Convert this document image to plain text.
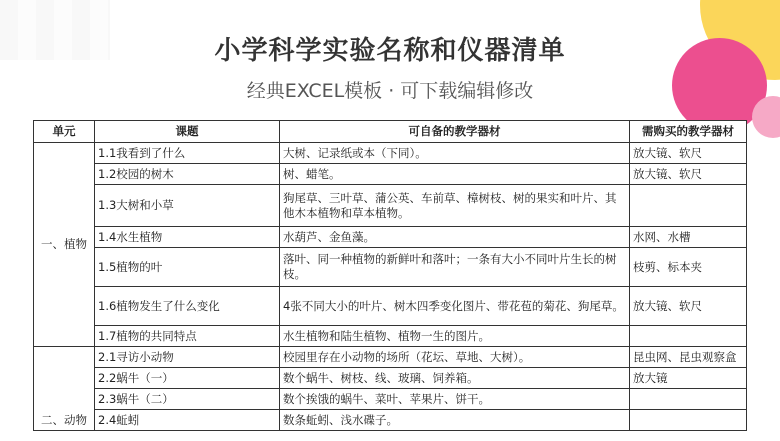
小学科学实验名称和仪器清单
经典EXCEL模板 · 可下载编辑修改
单元	课题	可自备的教学器材	需购买的教学器材
一、植物	1.1我看到了什么	大树、记录纸或本（下同）。	放大镜、软尺
	1.2校园的树木	树、蜡笔。	放大镜、软尺
	1.3大树和小草	狗尾草、三叶草、蒲公英、车前草、樟树枝、树的果实和叶片、其他木本植物和草本植物。	
	1.4水生植物	水葫芦、金鱼藻。	水网、水槽
	1.5植物的叶	落叶、同一种植物的新鲜叶和落叶；一条有大小不同叶片生长的树枝。	枝剪、标本夹
	1.6植物发生了什么变化	4张不同大小的叶片、树木四季变化图片、带花苞的菊花、狗尾草。	放大镜、软尺
	1.7植物的共同特点	水生植物和陆生植物、植物一生的图片。	
二、动物	2.1寻访小动物	校园里存在小动物的场所（花坛、草地、大树）。	昆虫网、昆虫观察盒
	2.2蜗牛（一）	数个蜗牛、树枝、线、玻璃、饲养箱。	放大镜
	2.3蜗牛（二）	数个挨饿的蜗牛、菜叶、苹果片、饼干。	
	2.4蚯蚓	数条蚯蚓、浅水碟子。	
